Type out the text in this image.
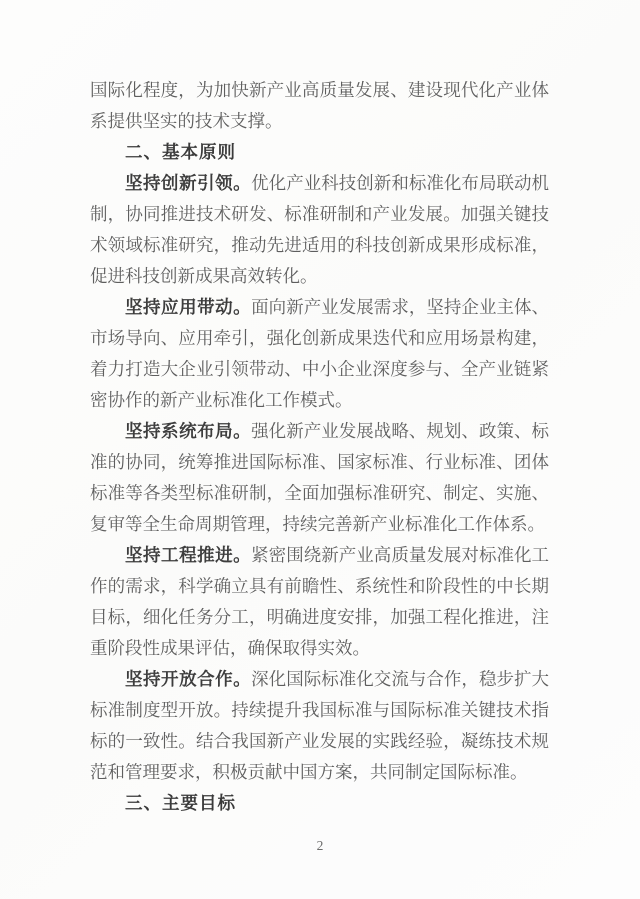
国际化程度，为加快新产业高质量发展、建设现代化产业体系提供坚实的技术支撑。

二、基本原则

坚持创新引领。优化产业科技创新和标准化布局联动机制，协同推进技术研发、标准研制和产业发展。加强关键技术领域标准研究，推动先进适用的科技创新成果形成标准，促进科技创新成果高效转化。

坚持应用带动。面向新产业发展需求，坚持企业主体、市场导向、应用牵引，强化创新成果迭代和应用场景构建，着力打造大企业引领带动、中小企业深度参与、全产业链紧密协作的新产业标准化工作模式。

坚持系统布局。强化新产业发展战略、规划、政策、标准的协同，统筹推进国际标准、国家标准、行业标准、团体标准等各类型标准研制，全面加强标准研究、制定、实施、复审等全生命周期管理，持续完善新产业标准化工作体系。

坚持工程推进。紧密围绕新产业高质量发展对标准化工作的需求，科学确立具有前瞻性、系统性和阶段性的中长期目标，细化任务分工，明确进度安排，加强工程化推进，注重阶段性成果评估，确保取得实效。

坚持开放合作。深化国际标准化交流与合作，稳步扩大标准制度型开放。持续提升我国标准与国际标准关键技术指标的一致性。结合我国新产业发展的实践经验，凝练技术规范和管理要求，积极贡献中国方案，共同制定国际标准。

三、主要目标
2
